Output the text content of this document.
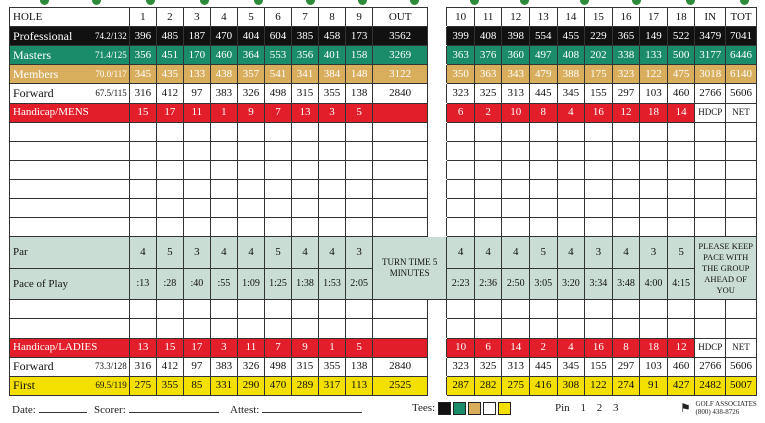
HOLE	1	2	3	4	5	6	7	8	9	OUT		10	11	12	13	14	15	16	17	18	IN	TOT
Professional 74.2/132	396	485	187	470	404	604	385	458	173	3562		399	408	398	554	455	229	365	149	522	3479	7041
Masters 71.4/125	356	451	170	460	364	553	356	401	158	3269		363	376	360	497	408	202	338	133	500	3177	6446
Members 70.0/117	345	435	133	438	357	541	341	384	148	3122		350	363	343	479	388	175	323	122	475	3018	6140
Forward 67.5/115	316	412	97	383	326	498	315	355	138	2840		323	325	313	445	345	155	297	103	460	2766	5606
Handicap/MENS	15	17	11	1	9	7	13	3	5			6	2	10	8	4	16	12	18	14	HDCP	NET

Par	4	5	3	4	4	5	4	4	3	TURN TIME 5 MINUTES		4	4	4	5	4	3	4	3	5	PLEASE KEEP PACE WITH THE GROUP AHEAD OF YOU	
Pace of Play	:13	:28	:40	:55	1:09	1:25	1:38	1:53	2:05			2:23	2:36	2:50	3:05	3:20	3:34	3:48	4:00	4:15		

Handicap/LADIES	13	15	17	3	11	7	9	1	5			10	6	14	2	4	16	8	18	12	HDCP	NET
Forward 73.3/128	316	412	97	383	326	498	315	355	138	2840		323	325	313	445	345	155	297	103	460	2766	5606
First 69.5/119	275	355	85	331	290	470	289	317	113	2525		287	282	275	416	308	122	274	91	427	2482	5007
Date:	Scorer:	Attest:	Tees:	Pin 1 2 3	⚑ GOLF ASSOCIATES
(800) 438-8726
